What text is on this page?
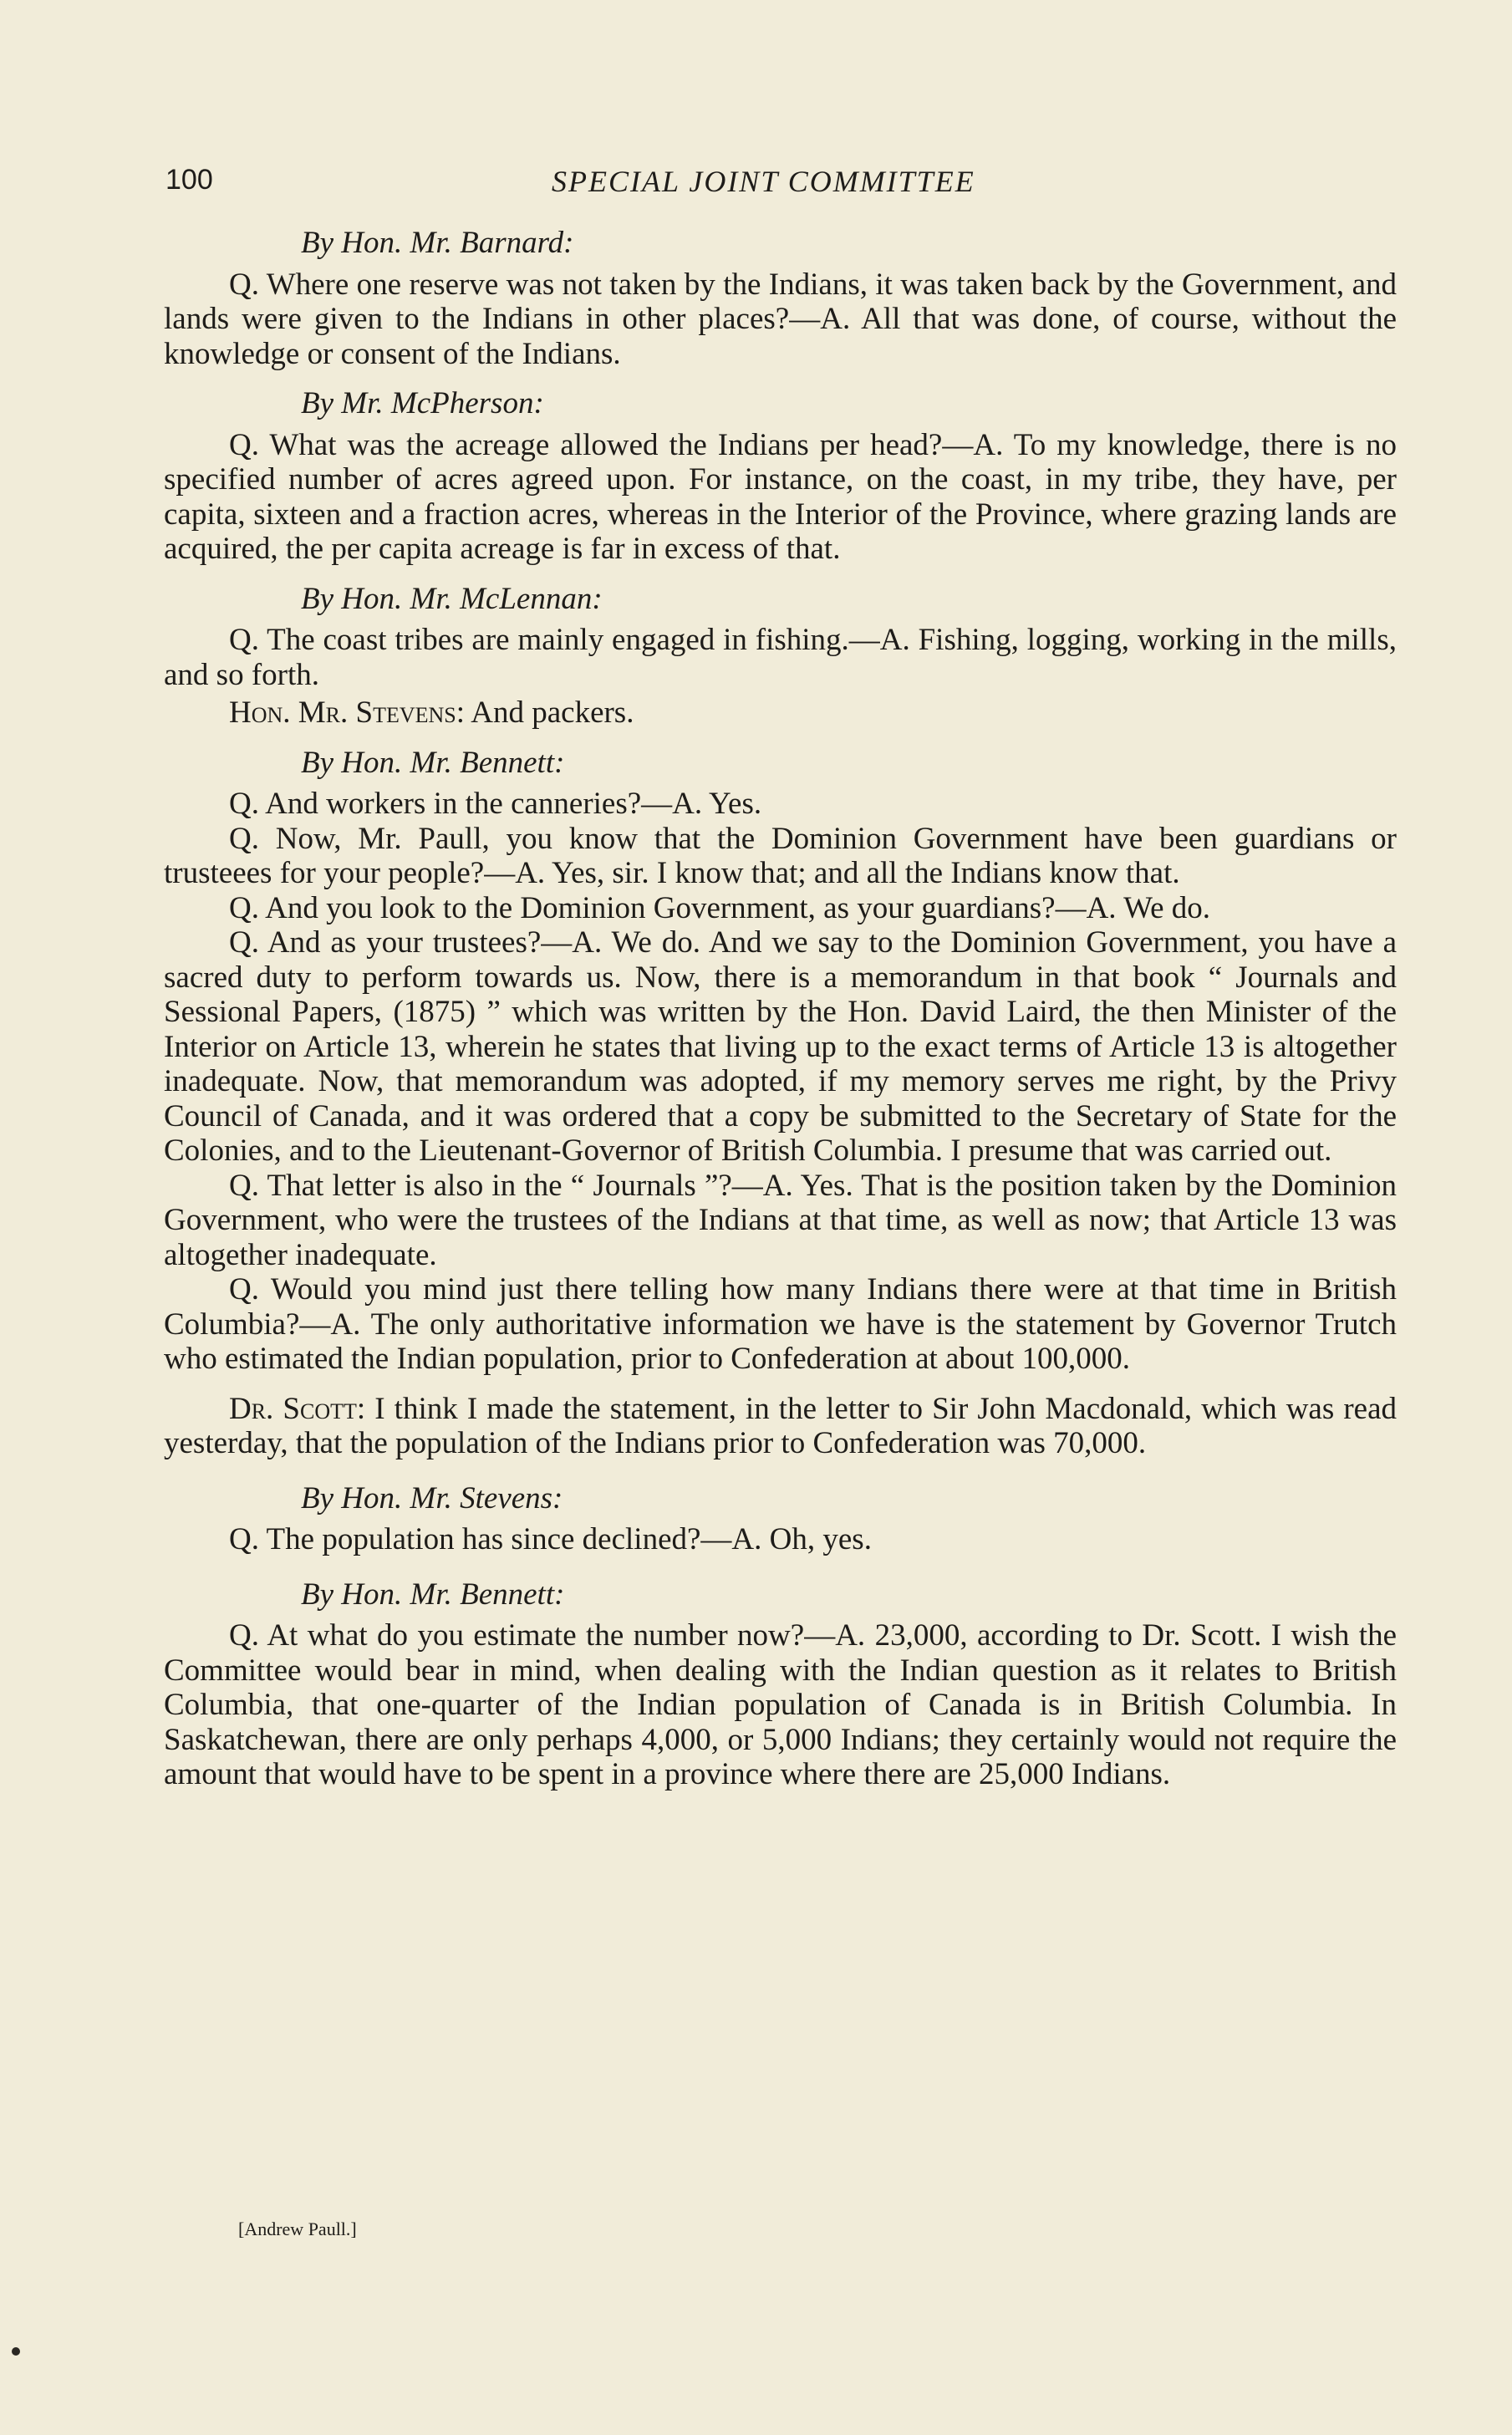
100	SPECIAL JOINT COMMITTEE

By Hon. Mr. Barnard:

Q. Where one reserve was not taken by the Indians, it was taken back by the Government, and lands were given to the Indians in other places?—A. All that was done, of course, without the knowledge or consent of the Indians.

By Mr. McPherson:

Q. What was the acreage allowed the Indians per head?—A. To my knowledge, there is no specified number of acres agreed upon. For instance, on the coast, in my tribe, they have, per capita, sixteen and a fraction acres, whereas in the Interior of the Province, where grazing lands are acquired, the per capita acreage is far in excess of that.

By Hon. Mr. McLennan:

Q. The coast tribes are mainly engaged in fishing.—A. Fishing, logging, working in the mills, and so forth.

Hon. Mr. Stevens: And packers.

By Hon. Mr. Bennett:

Q. And workers in the canneries?—A. Yes.

Q. Now, Mr. Paull, you know that the Dominion Government have been guardians or trusteees for your people?—A. Yes, sir. I know that; and all the Indians know that.

Q. And you look to the Dominion Government, as your guardians?—A. We do.

Q. And as your trustees?—A. We do. And we say to the Dominion Government, you have a sacred duty to perform towards us. Now, there is a memorandum in that book “ Journals and Sessional Papers, (1875) ” which was written by the Hon. David Laird, the then Minister of the Interior on Article 13, wherein he states that living up to the exact terms of Article 13 is altogether inadequate. Now, that memorandum was adopted, if my memory serves me right, by the Privy Council of Canada, and it was ordered that a copy be submitted to the Secretary of State for the Colonies, and to the Lieutenant-Governor of British Columbia. I presume that was carried out.

Q. That letter is also in the “ Journals ”?—A. Yes. That is the position taken by the Dominion Government, who were the trustees of the Indians at that time, as well as now; that Article 13 was altogether inadequate.

Q. Would you mind just there telling how many Indians there were at that time in British Columbia?—A. The only authoritative information we have is the statement by Governor Trutch who estimated the Indian population, prior to Confederation at about 100,000.

Dr. Scott: I think I made the statement, in the letter to Sir John Macdonald, which was read yesterday, that the population of the Indians prior to Confederation was 70,000.

By Hon. Mr. Stevens:

Q. The population has since declined?—A. Oh, yes.

By Hon. Mr. Bennett:

Q. At what do you estimate the number now?—A. 23,000, according to Dr. Scott. I wish the Committee would bear in mind, when dealing with the Indian question as it relates to British Columbia, that one-quarter of the Indian population of Canada is in British Columbia. In Saskatchewan, there are only perhaps 4,000, or 5,000 Indians; they certainly would not require the amount that would have to be spent in a province where there are 25,000 Indians.

[Andrew Paull.]
